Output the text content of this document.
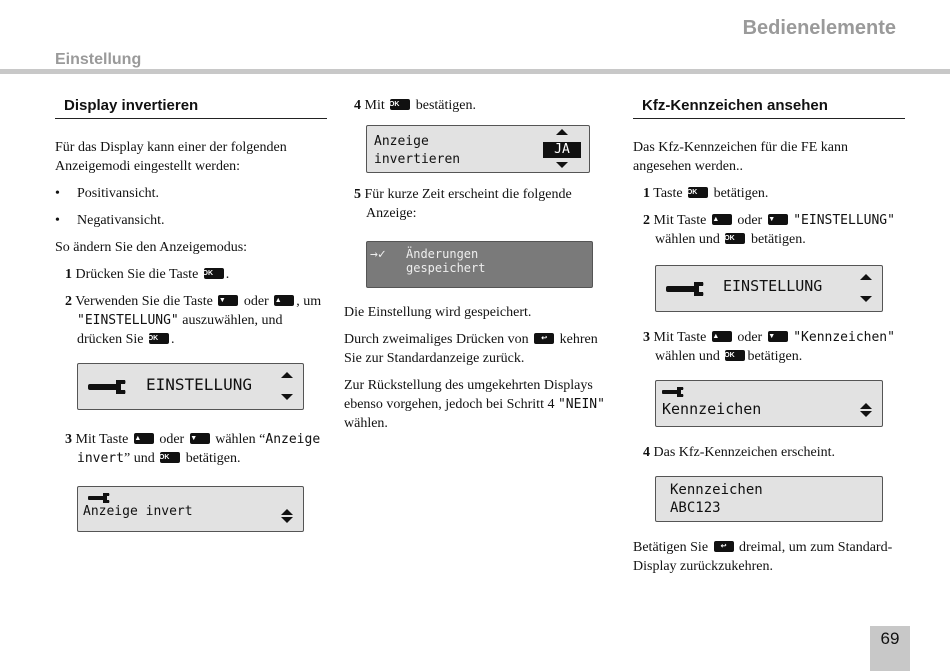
Bedienelemente
Einstellung
Display invertieren

Für das Display kann einer der folgenden Anzeigemodi eingestellt werden:

•	Positivansicht.
•	Negativansicht.

So ändern Sie den Anzeigemodus:

1 Drücken Sie die Taste OK .
2 Verwenden Sie die Taste ▼ oder ▲ , um "EINSTELLUNG" auszuwählen, und drücken Sie OK .
EINSTELLUNG
3 Mit Taste ▲ oder ▼ wählen “Anzeige invert” und OK betätigen.
Anzeige invert
4 Mit OK bestätigen.
Anzeige
invertieren
JA
5 Für kurze Zeit erscheint die folgende Anzeige:
→✓ Änderungen
gespeichert

Die Einstellung wird gespeichert.

Durch zweimaliges Drücken von ↩ kehren Sie zur Standardanzeige zurück.

Zur Rückstellung des umgekehrten Displays ebenso vorgehen, jedoch bei Schritt 4 "NEIN" wählen.

Kfz-Kennzeichen ansehen

Das Kfz-Kennzeichen für die FE kann angesehen werden..

1 Taste OK betätigen.
2 Mit Taste ▲ oder ▼ "EINSTELLUNG" wählen und OK betätigen.
EINSTELLUNG
3 Mit Taste ▲ oder ▼ "Kennzeichen" wählen und OK betätigen.
Kennzeichen
4 Das Kfz-Kennzeichen erscheint.
Kennzeichen
ABC123

Betätigen Sie ↩ dreimal, um zum Standard-Display zurückzukehren.

69
